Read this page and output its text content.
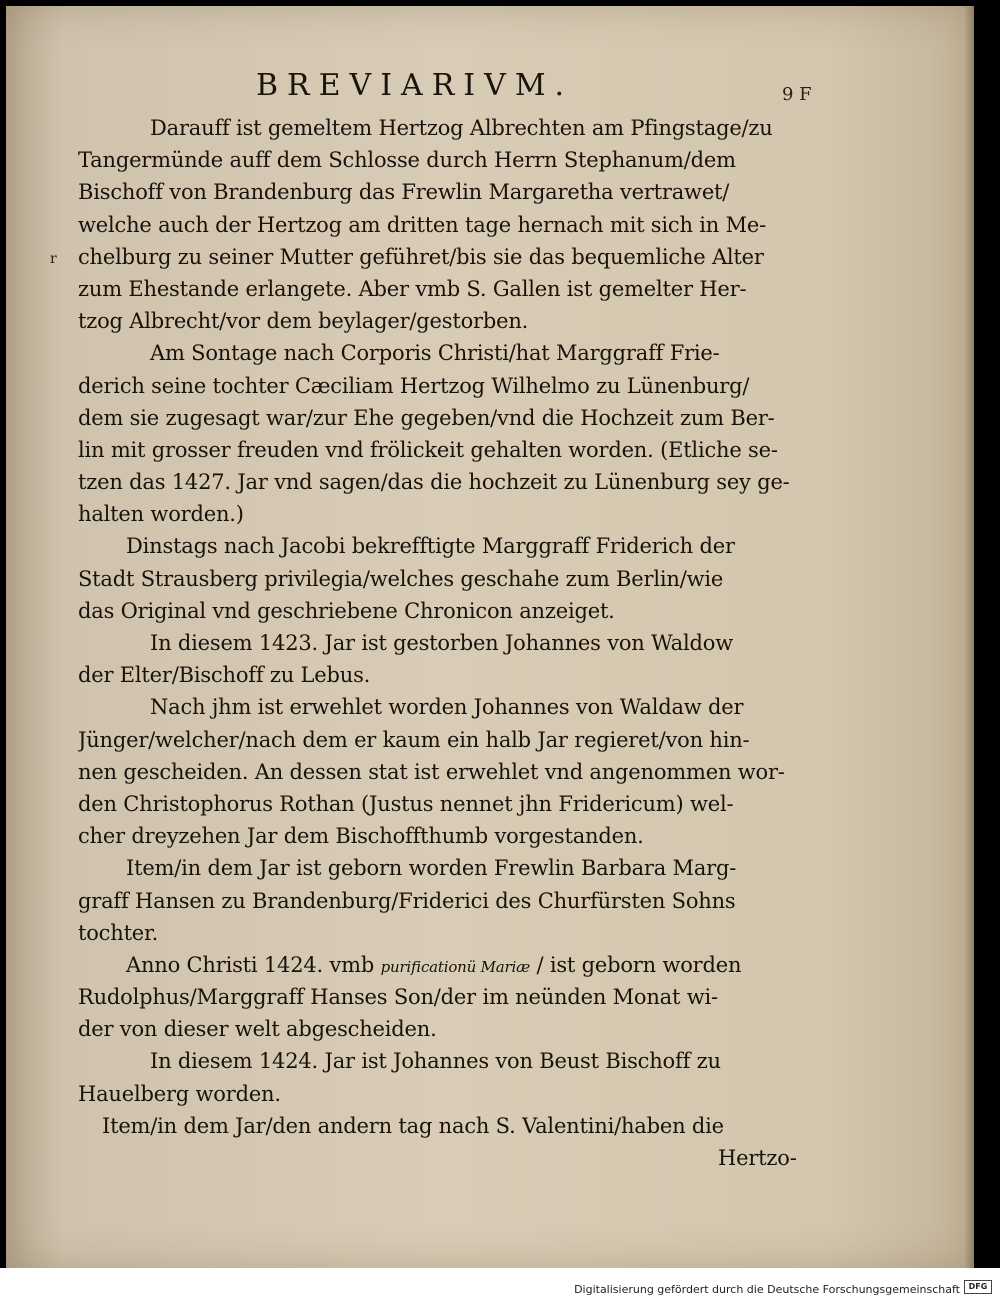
BREVIARIVM.	9 F
r
Darauff ist gemeltem Hertzog Albrechten am Pfingstage/zu
Tangermünde auff dem Schlosse durch Herrn Stephanum/dem
Bischoff von Brandenburg das Frewlin Margaretha vertrawet/
welche auch der Hertzog am dritten tage hernach mit sich in Me-
chelburg zu seiner Mutter geführet/bis sie das bequemliche Alter
zum Ehestande erlangete. Aber vmb S. Gallen ist gemelter Her-
tzog Albrecht/vor dem beylager/gestorben.
Am Sontage nach Corporis Christi/hat Marggraff Frie-
derich seine tochter Cæciliam Hertzog Wilhelmo zu Lünenburg/
dem sie zugesagt war/zur Ehe gegeben/vnd die Hochzeit zum Ber-
lin mit grosser freuden vnd frölickeit gehalten worden. (Etliche se-
tzen das 1427. Jar vnd sagen/das die hochzeit zu Lünenburg sey ge-
halten worden.)
Dinstags nach Jacobi bekrefftigte Marggraff Friderich der
Stadt Strausberg privilegia/welches geschahe zum Berlin/wie
das Original vnd geschriebene Chronicon anzeiget.
In diesem 1423. Jar ist gestorben Johannes von Waldow
der Elter/Bischoff zu Lebus.
Nach jhm ist erwehlet worden Johannes von Waldaw der
Jünger/welcher/nach dem er kaum ein halb Jar regieret/von hin-
nen gescheiden. An dessen stat ist erwehlet vnd angenommen wor-
den Christophorus Rothan (Justus nennet jhn Fridericum) wel-
cher dreyzehen Jar dem Bischoffthumb vorgestanden.
Item/in dem Jar ist geborn worden Frewlin Barbara Marg-
graff Hansen zu Brandenburg/Friderici des Churfürsten Sohns
tochter.
Anno Christi 1424. vmb purificationü Mariæ / ist geborn worden
Rudolphus/Marggraff Hanses Son/der im neünden Monat wi-
der von dieser welt abgescheiden.
In diesem 1424. Jar ist Johannes von Beust Bischoff zu
Hauelberg worden.
Item/in dem Jar/den andern tag nach S. Valentini/haben die
Hertzo-
Digitalisierung gefördert durch die Deutsche Forschungsgemeinschaft	DFG
